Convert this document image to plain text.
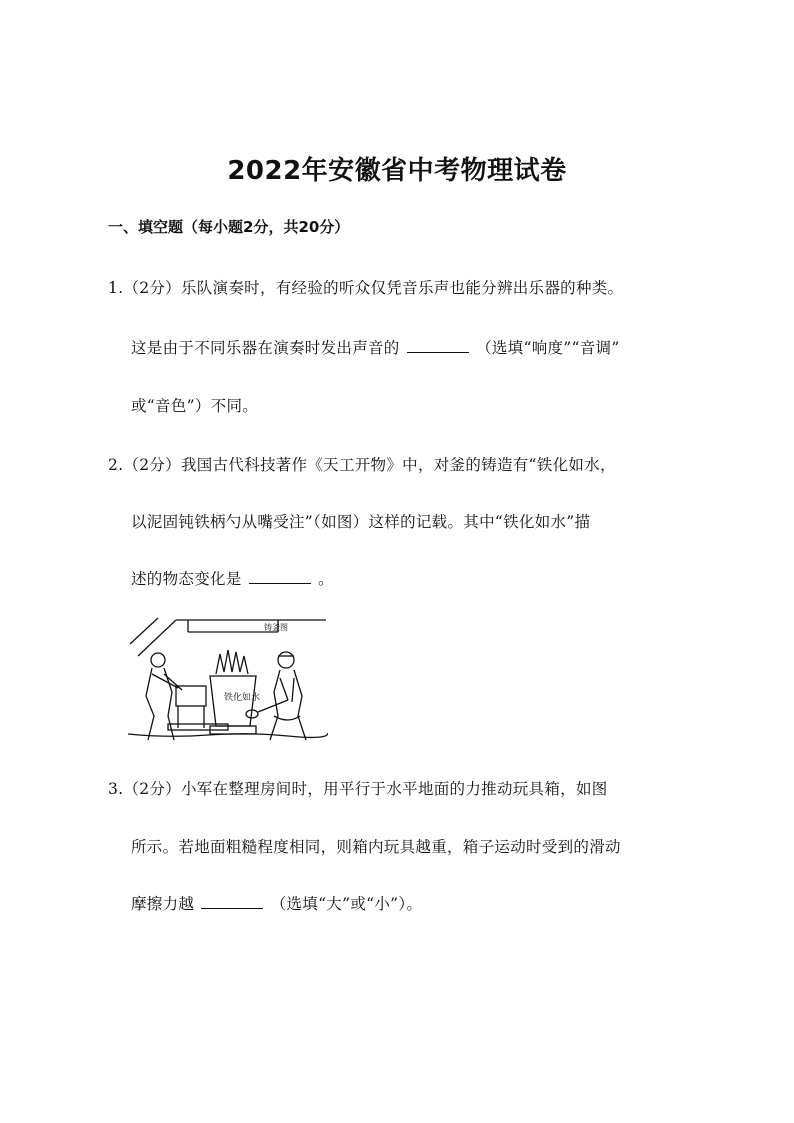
2022年安徽省中考物理试卷
一、填空题（每小题2分，共20分）
1.（2分）乐队演奏时，有经验的听众仅凭音乐声也能分辨出乐器的种类。
这是由于不同乐器在演奏时发出声音的	（选填“响度”“音调”
或“音色”）不同。
2.（2分）我国古代科技著作《天工开物》中，对釜的铸造有“铁化如水，
以泥固钝铁柄勺从嘴受注”（如图）这样的记载。其中“铁化如水”描
述的物态变化是	。
铸釜图
铁化如水
3.（2分）小军在整理房间时，用平行于水平地面的力推动玩具箱，如图
所示。若地面粗糙程度相同，则箱内玩具越重，箱子运动时受到的滑动
摩擦力越	（选填“大”或“小”）。
